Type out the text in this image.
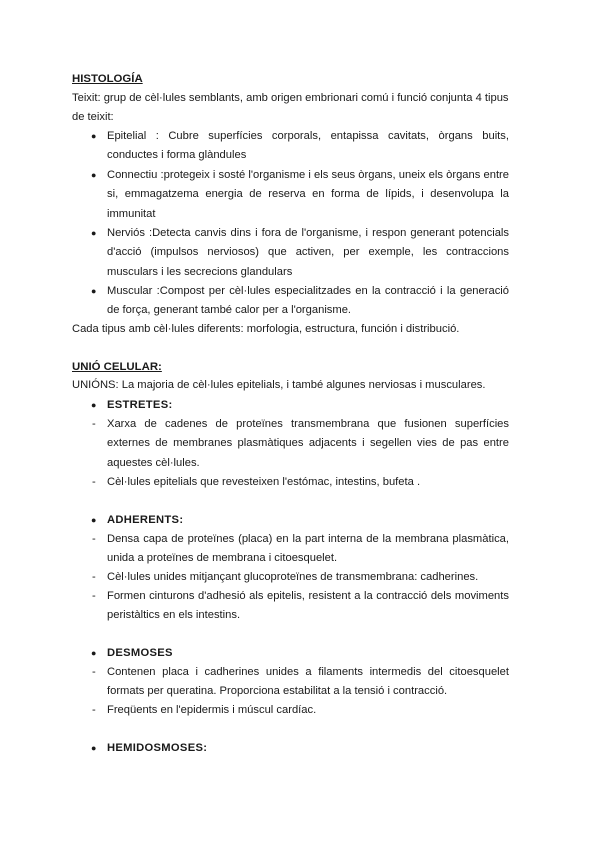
HISTOLOGÍA
Teixit: grup de cèl·lules semblants, amb origen embrionari comú i funció conjunta 4 tipus de teixit:
● Epitelial : Cubre superfícies corporals, entapissa cavitats, òrgans buits, conductes i forma glàndules
● Connectiu :protegeix i sosté l'organisme i els seus òrgans, uneix els òrgans entre si, emmagatzema energia de reserva en forma de lípids, i desenvolupa la immunitat
● Nerviós :Detecta canvis dins i fora de l'organisme, i respon generant potencials d'acció (impulsos nerviosos) que activen, per exemple, les contraccions musculars i les secrecions glandulars
● Muscular :Compost per cèl·lules especialitzades en la contracció i la generació de força, generant també calor per a l'organisme.
Cada tipus amb cèl·lules diferents: morfologia, estructura, función i distribució.
UNIÓ CELULAR:
UNIÓNS: La majoria de cèl·lules epitelials, i també algunes nerviosas i musculares.
● ESTRETES:
- Xarxa de cadenes de proteïnes transmembrana que fusionen superfícies externes de membranes plasmàtiques adjacents i segellen vies de pas entre aquestes cèl·lules.
- Cèl·lules epitelials que revesteixen l'estómac, intestins, bufeta .
● ADHERENTS:
- Densa capa de proteïnes (placa) en la part interna de la membrana plasmàtica, unida a proteïnes de membrana i citoesquelet.
- Cèl·lules unides mitjançant glucoproteïnes de transmembrana: cadherines.
- Formen cinturons d'adhesió als epitelis, resistent a la contracció dels moviments peristàltics en els intestins.
● DESMOSES
- Contenen placa i cadherines unides a filaments intermedis del citoesquelet formats per queratina. Proporciona estabilitat a la tensió i contracció.
- Freqüents en l'epidermis i múscul cardíac.
● HEMIDOSMOSES:
